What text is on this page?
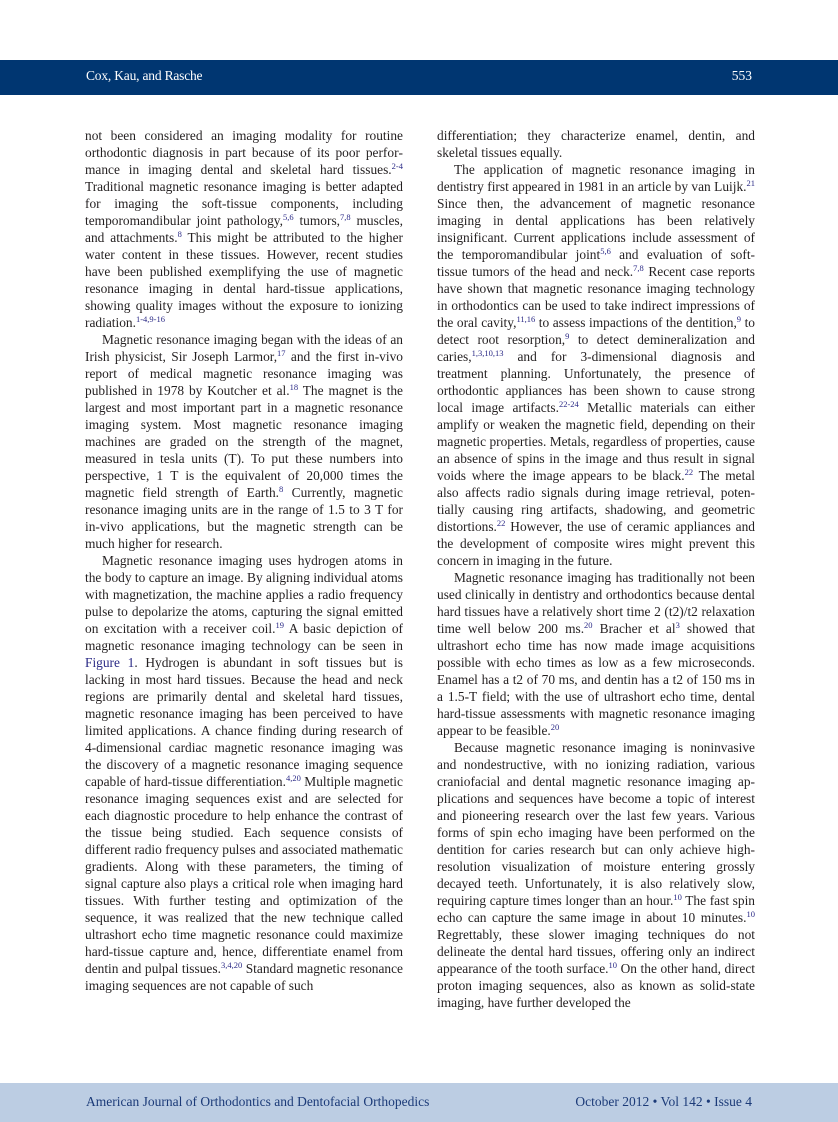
Cox, Kau, and Rasche	553

not been considered an imaging modality for routine orthodontic diagnosis in part because of its poor performance in imaging dental and skeletal hard tissues.$^{2-4}$ Traditional magnetic resonance imaging is better adapted for imaging the soft-tissue components, including temporomandibular joint pathology,$^{5,6}$ tumors,$^{7,8}$ muscles, and attachments.$^8$ This might be attributed to the higher water content in these tissues. However, recent studies have been published exemplifying the use of magnetic resonance imaging in dental hard-tissue applications, showing quality images without the exposure to ionizing radiation.$^{1-4,9-16}$

Magnetic resonance imaging began with the ideas of an Irish physicist, Sir Joseph Larmor,$^{17}$ and the first in-vivo report of medical magnetic resonance imaging was published in 1978 by Koutcher et al.$^{18}$ The magnet is the largest and most important part in a magnetic resonance imaging system. Most magnetic resonance imaging machines are graded on the strength of the magnet, measured in tesla units (T). To put these numbers into perspective, 1 T is the equivalent of 20,000 times the magnetic field strength of Earth.$^8$ Currently, magnetic resonance imaging units are in the range of 1.5 to 3 T for in-vivo applications, but the magnetic strength can be much higher for research.

Magnetic resonance imaging uses hydrogen atoms in the body to capture an image. By aligning individual atoms with magnetization, the machine applies a radio frequency pulse to depolarize the atoms, capturing the signal emitted on excitation with a receiver coil.$^{19}$ A basic depiction of magnetic resonance imaging technology can be seen in Figure 1. Hydrogen is abundant in soft tissues but is lacking in most hard tissues. Because the head and neck regions are primarily dental and skeletal hard tissues, magnetic resonance imaging has been perceived to have limited applications. A chance finding during research of 4-dimensional cardiac magnetic resonance imaging was the discovery of a magnetic resonance imaging sequence capable of hard-tissue differentiation.$^{4,20}$ Multiple magnetic resonance imaging sequences exist and are selected for each diagnostic procedure to help enhance the contrast of the tissue being studied. Each sequence consists of different radio frequency pulses and associated mathematic gradients. Along with these parameters, the timing of signal capture also plays a critical role when imaging hard tissues. With further testing and optimization of the sequence, it was realized that the new technique called ultrashort echo time magnetic resonance could maximize hard-tissue capture and, hence, differentiate enamel from dentin and pulpal tissues.$^{3,4,20}$ Standard magnetic resonance imaging sequences are not capable of such

differentiation; they characterize enamel, dentin, and skeletal tissues equally.

The application of magnetic resonance imaging in dentistry first appeared in 1981 in an article by van Luijk.$^{21}$ Since then, the advancement of magnetic resonance imaging in dental applications has been relatively insignificant. Current applications include assessment of the temporomandibular joint$^{5,6}$ and evaluation of soft-tissue tumors of the head and neck.$^{7,8}$ Recent case reports have shown that magnetic resonance imaging technology in orthodontics can be used to take indirect impressions of the oral cavity,$^{11,16}$ to assess impactions of the dentition,$^9$ to detect root resorption,$^9$ to detect demineralization and caries,$^{1,3,10,13}$ and for 3-dimensional diagnosis and treatment planning. Unfortunately, the presence of orthodontic appliances has been shown to cause strong local image artifacts.$^{22-24}$ Metallic materials can either amplify or weaken the magnetic field, depending on their magnetic properties. Metals, regardless of properties, cause an absence of spins in the image and thus result in signal voids where the image appears to be black.$^{22}$ The metal also affects radio signals during image retrieval, potentially causing ring artifacts, shadowing, and geometric distortions.$^{22}$ However, the use of ceramic appliances and the development of composite wires might prevent this concern in imaging in the future.

Magnetic resonance imaging has traditionally not been used clinically in dentistry and orthodontics because dental hard tissues have a relatively short time 2 (t2)/t2 relaxation time well below 200 ms.$^{20}$ Bracher et $al^3$ showed that ultrashort echo time has now made image acquisitions possible with echo times as low as a few microseconds. Enamel has a t2 of 70 ms, and dentin has a t2 of 150 ms in a 1.5-T field; with the use of ultrashort echo time, dental hard-tissue assessments with magnetic resonance imaging appear to be feasible.$^{20}$

Because magnetic resonance imaging is noninvasive and nondestructive, with no ionizing radiation, various craniofacial and dental magnetic resonance imaging applications and sequences have become a topic of interest and pioneering research over the last few years. Various forms of spin echo imaging have been performed on the dentition for caries research but can only achieve high-resolution visualization of moisture entering grossly decayed teeth. Unfortunately, it is also relatively slow, requiring capture times longer than an hour.$^{10}$ The fast spin echo can capture the same image in about 10 minutes.$^{10}$ Regrettably, these slower imaging techniques do not delineate the dental hard tissues, offering only an indirect appearance of the tooth surface.$^{10}$ On the other hand, direct proton imaging sequences, also as known as solid-state imaging, have further developed the

American Journal of Orthodontics and Dentofacial Orthopedics	October 2012 • Vol 142 • Issue 4
